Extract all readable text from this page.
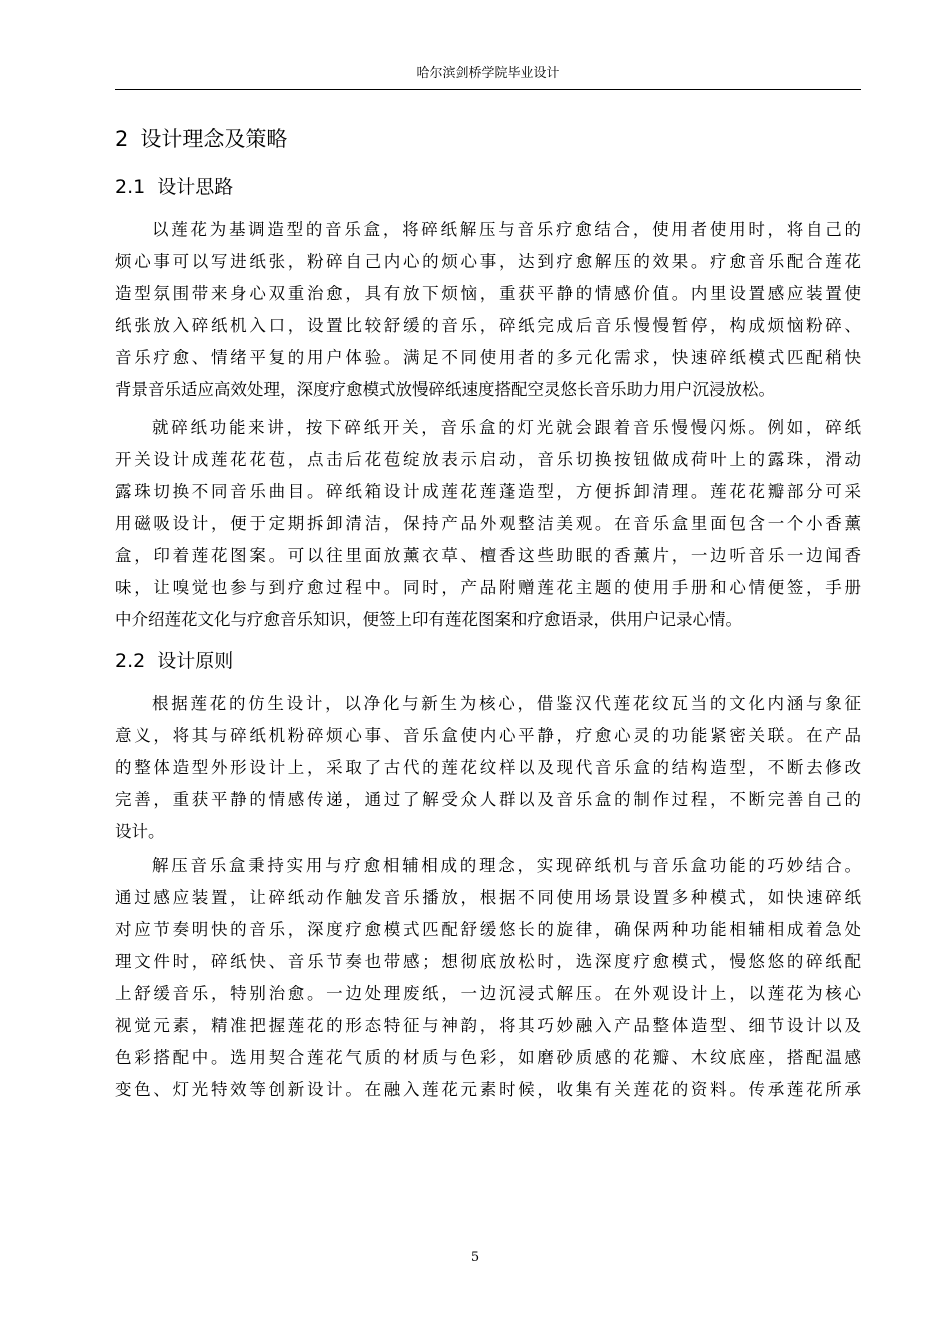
哈尔滨剑桥学院毕业设计
2 设计理念及策略
2.1 设计思路
以莲花为基调造型的音乐盒，将碎纸解压与音乐疗愈结合，使用者使用时，将自己的
烦心事可以写进纸张，粉碎自己内心的烦心事，达到疗愈解压的效果。疗愈音乐配合莲花
造型氛围带来身心双重治愈，具有放下烦恼，重获平静的情感价值。内里设置感应装置使
纸张放入碎纸机入口，设置比较舒缓的音乐，碎纸完成后音乐慢慢暂停，构成烦恼粉碎、
音乐疗愈、情绪平复的用户体验。满足不同使用者的多元化需求，快速碎纸模式匹配稍快
背景音乐适应高效处理，深度疗愈模式放慢碎纸速度搭配空灵悠长音乐助力用户沉浸放松。
就碎纸功能来讲，按下碎纸开关，音乐盒的灯光就会跟着音乐慢慢闪烁。例如，碎纸
开关设计成莲花花苞，点击后花苞绽放表示启动，音乐切换按钮做成荷叶上的露珠，滑动
露珠切换不同音乐曲目。碎纸箱设计成莲花莲蓬造型，方便拆卸清理。莲花花瓣部分可采
用磁吸设计，便于定期拆卸清洁，保持产品外观整洁美观。在音乐盒里面包含一个小香薰
盒，印着莲花图案。可以往里面放薰衣草、檀香这些助眠的香薰片，一边听音乐一边闻香
味，让嗅觉也参与到疗愈过程中。同时，产品附赠莲花主题的使用手册和心情便签，手册
中介绍莲花文化与疗愈音乐知识，便签上印有莲花图案和疗愈语录，供用户记录心情。
2.2 设计原则
根据莲花的仿生设计，以净化与新生为核心，借鉴汉代莲花纹瓦当的文化内涵与象征
意义，将其与碎纸机粉碎烦心事、音乐盒使内心平静，疗愈心灵的功能紧密关联。在产品
的整体造型外形设计上，采取了古代的莲花纹样以及现代音乐盒的结构造型，不断去修改
完善，重获平静的情感传递，通过了解受众人群以及音乐盒的制作过程，不断完善自己的
设计。
解压音乐盒秉持实用与疗愈相辅相成的理念，实现碎纸机与音乐盒功能的巧妙结合。
通过感应装置，让碎纸动作触发音乐播放，根据不同使用场景设置多种模式，如快速碎纸
对应节奏明快的音乐，深度疗愈模式匹配舒缓悠长的旋律，确保两种功能相辅相成着急处
理文件时，碎纸快、音乐节奏也带感；想彻底放松时，选深度疗愈模式，慢悠悠的碎纸配
上舒缓音乐，特别治愈。一边处理废纸，一边沉浸式解压。在外观设计上，以莲花为核心
视觉元素，精准把握莲花的形态特征与神韵，将其巧妙融入产品整体造型、细节设计以及
色彩搭配中。选用契合莲花气质的材质与色彩，如磨砂质感的花瓣、木纹底座，搭配温感
变色、灯光特效等创新设计。在融入莲花元素时候，收集有关莲花的资料。传承莲花所承
5
